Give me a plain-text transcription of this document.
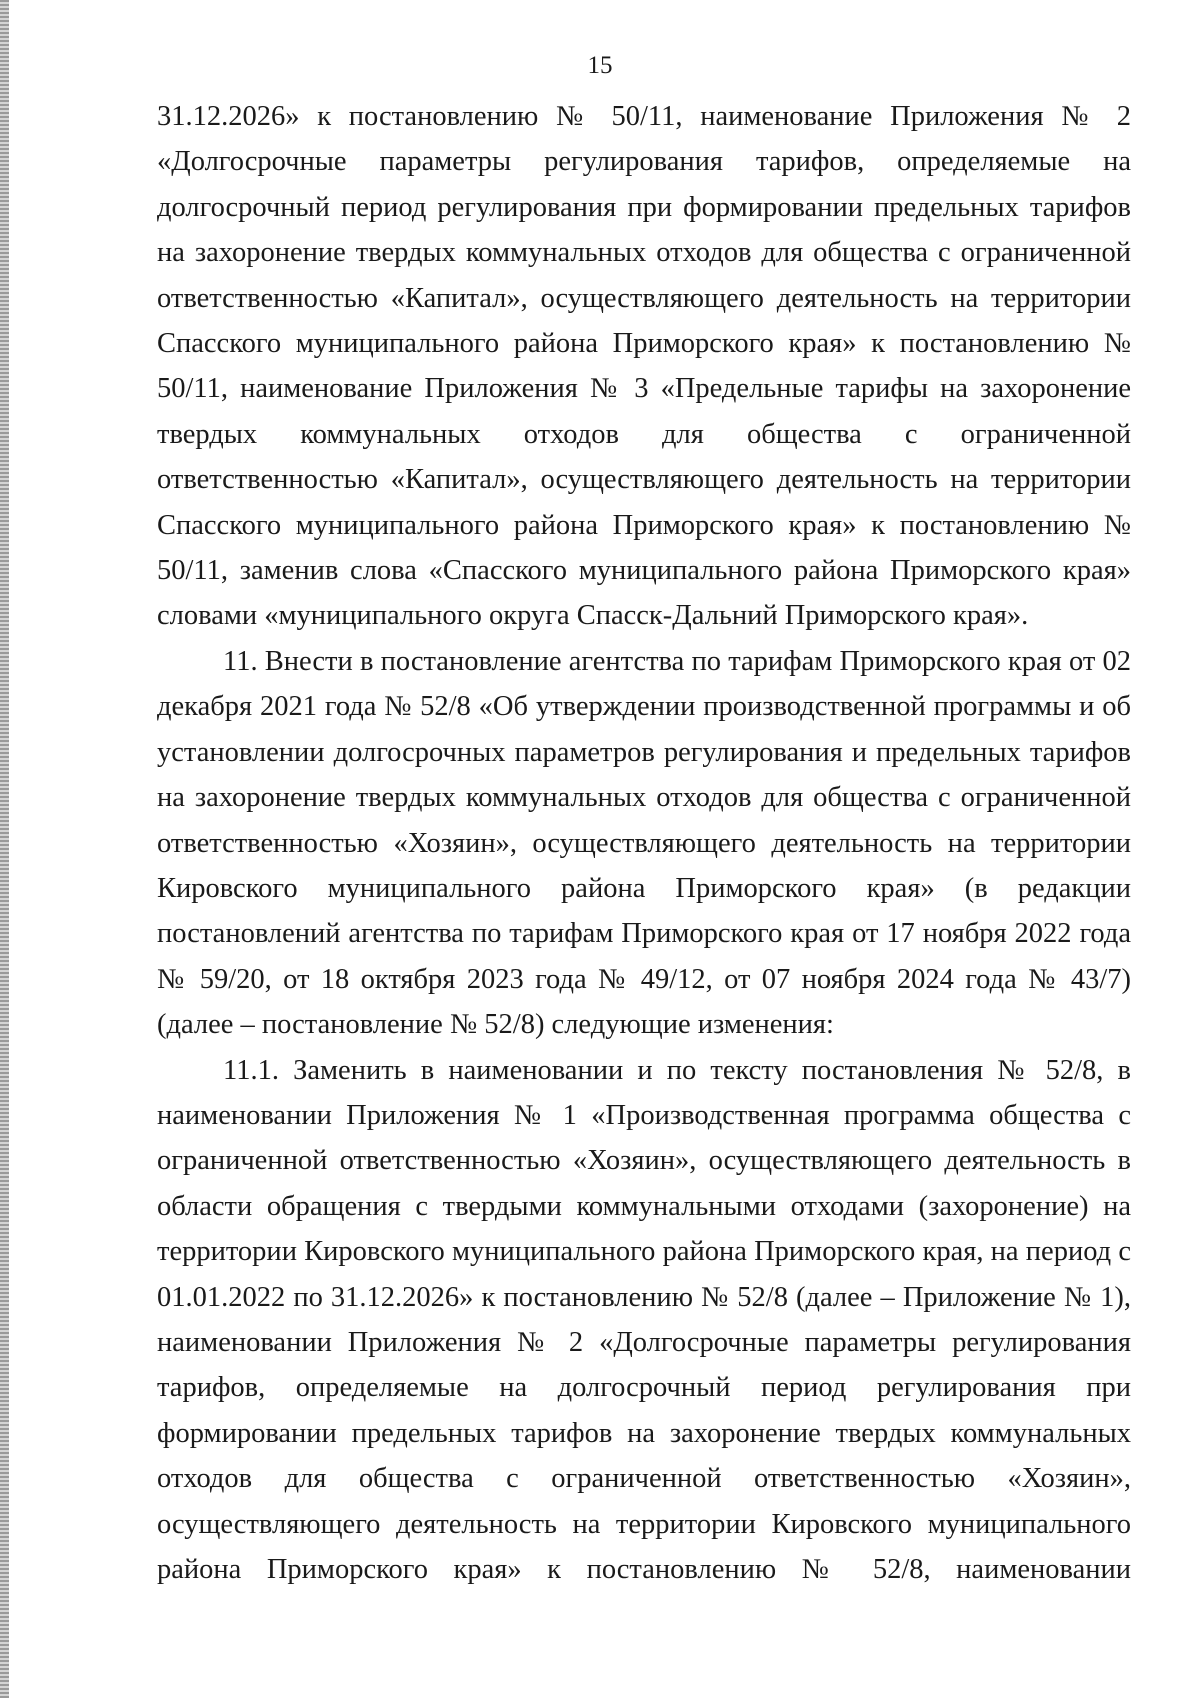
15

31.12.2026» к постановлению № 50/11, наименование Приложения № 2 «Долгосрочные параметры регулирования тарифов, определяемые на долгосрочный период регулирования при формировании предельных тарифов на захоронение твердых коммунальных отходов для общества с ограниченной ответственностью «Капитал», осуществляющего деятельность на территории Спасского муниципального района Приморского края» к постановлению № 50/11, наименование Приложения № 3 «Предельные тарифы на захоронение твердых коммунальных отходов для общества с ограниченной ответственностью «Капитал», осуществляющего деятельность на территории Спасского муниципального района Приморского края» к постановлению № 50/11, заменив слова «Спасского муниципального района Приморского края» словами «муниципального округа Спасск-Дальний Приморского края».

11. Внести в постановление агентства по тарифам Приморского края от 02 декабря 2021 года № 52/8 «Об утверждении производственной программы и об установлении долгосрочных параметров регулирования и предельных тарифов на захоронение твердых коммунальных отходов для общества с ограниченной ответственностью «Хозяин», осуществляющего деятельность на территории Кировского муниципального района Приморского края» (в редакции постановлений агентства по тарифам Приморского края от 17 ноября 2022 года № 59/20, от 18 октября 2023 года № 49/12, от 07 ноября 2024 года № 43/7) (далее – постановление № 52/8) следующие изменения:

11.1. Заменить в наименовании и по тексту постановления № 52/8, в наименовании Приложения № 1 «Производственная программа общества с ограниченной ответственностью «Хозяин», осуществляющего деятельность в области обращения с твердыми коммунальными отходами (захоронение) на территории Кировского муниципального района Приморского края, на период с 01.01.2022 по 31.12.2026» к постановлению № 52/8 (далее – Приложение № 1), наименовании Приложения № 2 «Долгосрочные параметры регулирования тарифов, определяемые на долгосрочный период регулирования при формировании предельных тарифов на захоронение твердых коммунальных отходов для общества с ограниченной ответственностью «Хозяин», осуществляющего деятельность на территории Кировского муниципального района Приморского края» к постановлению № 52/8, наименовании
